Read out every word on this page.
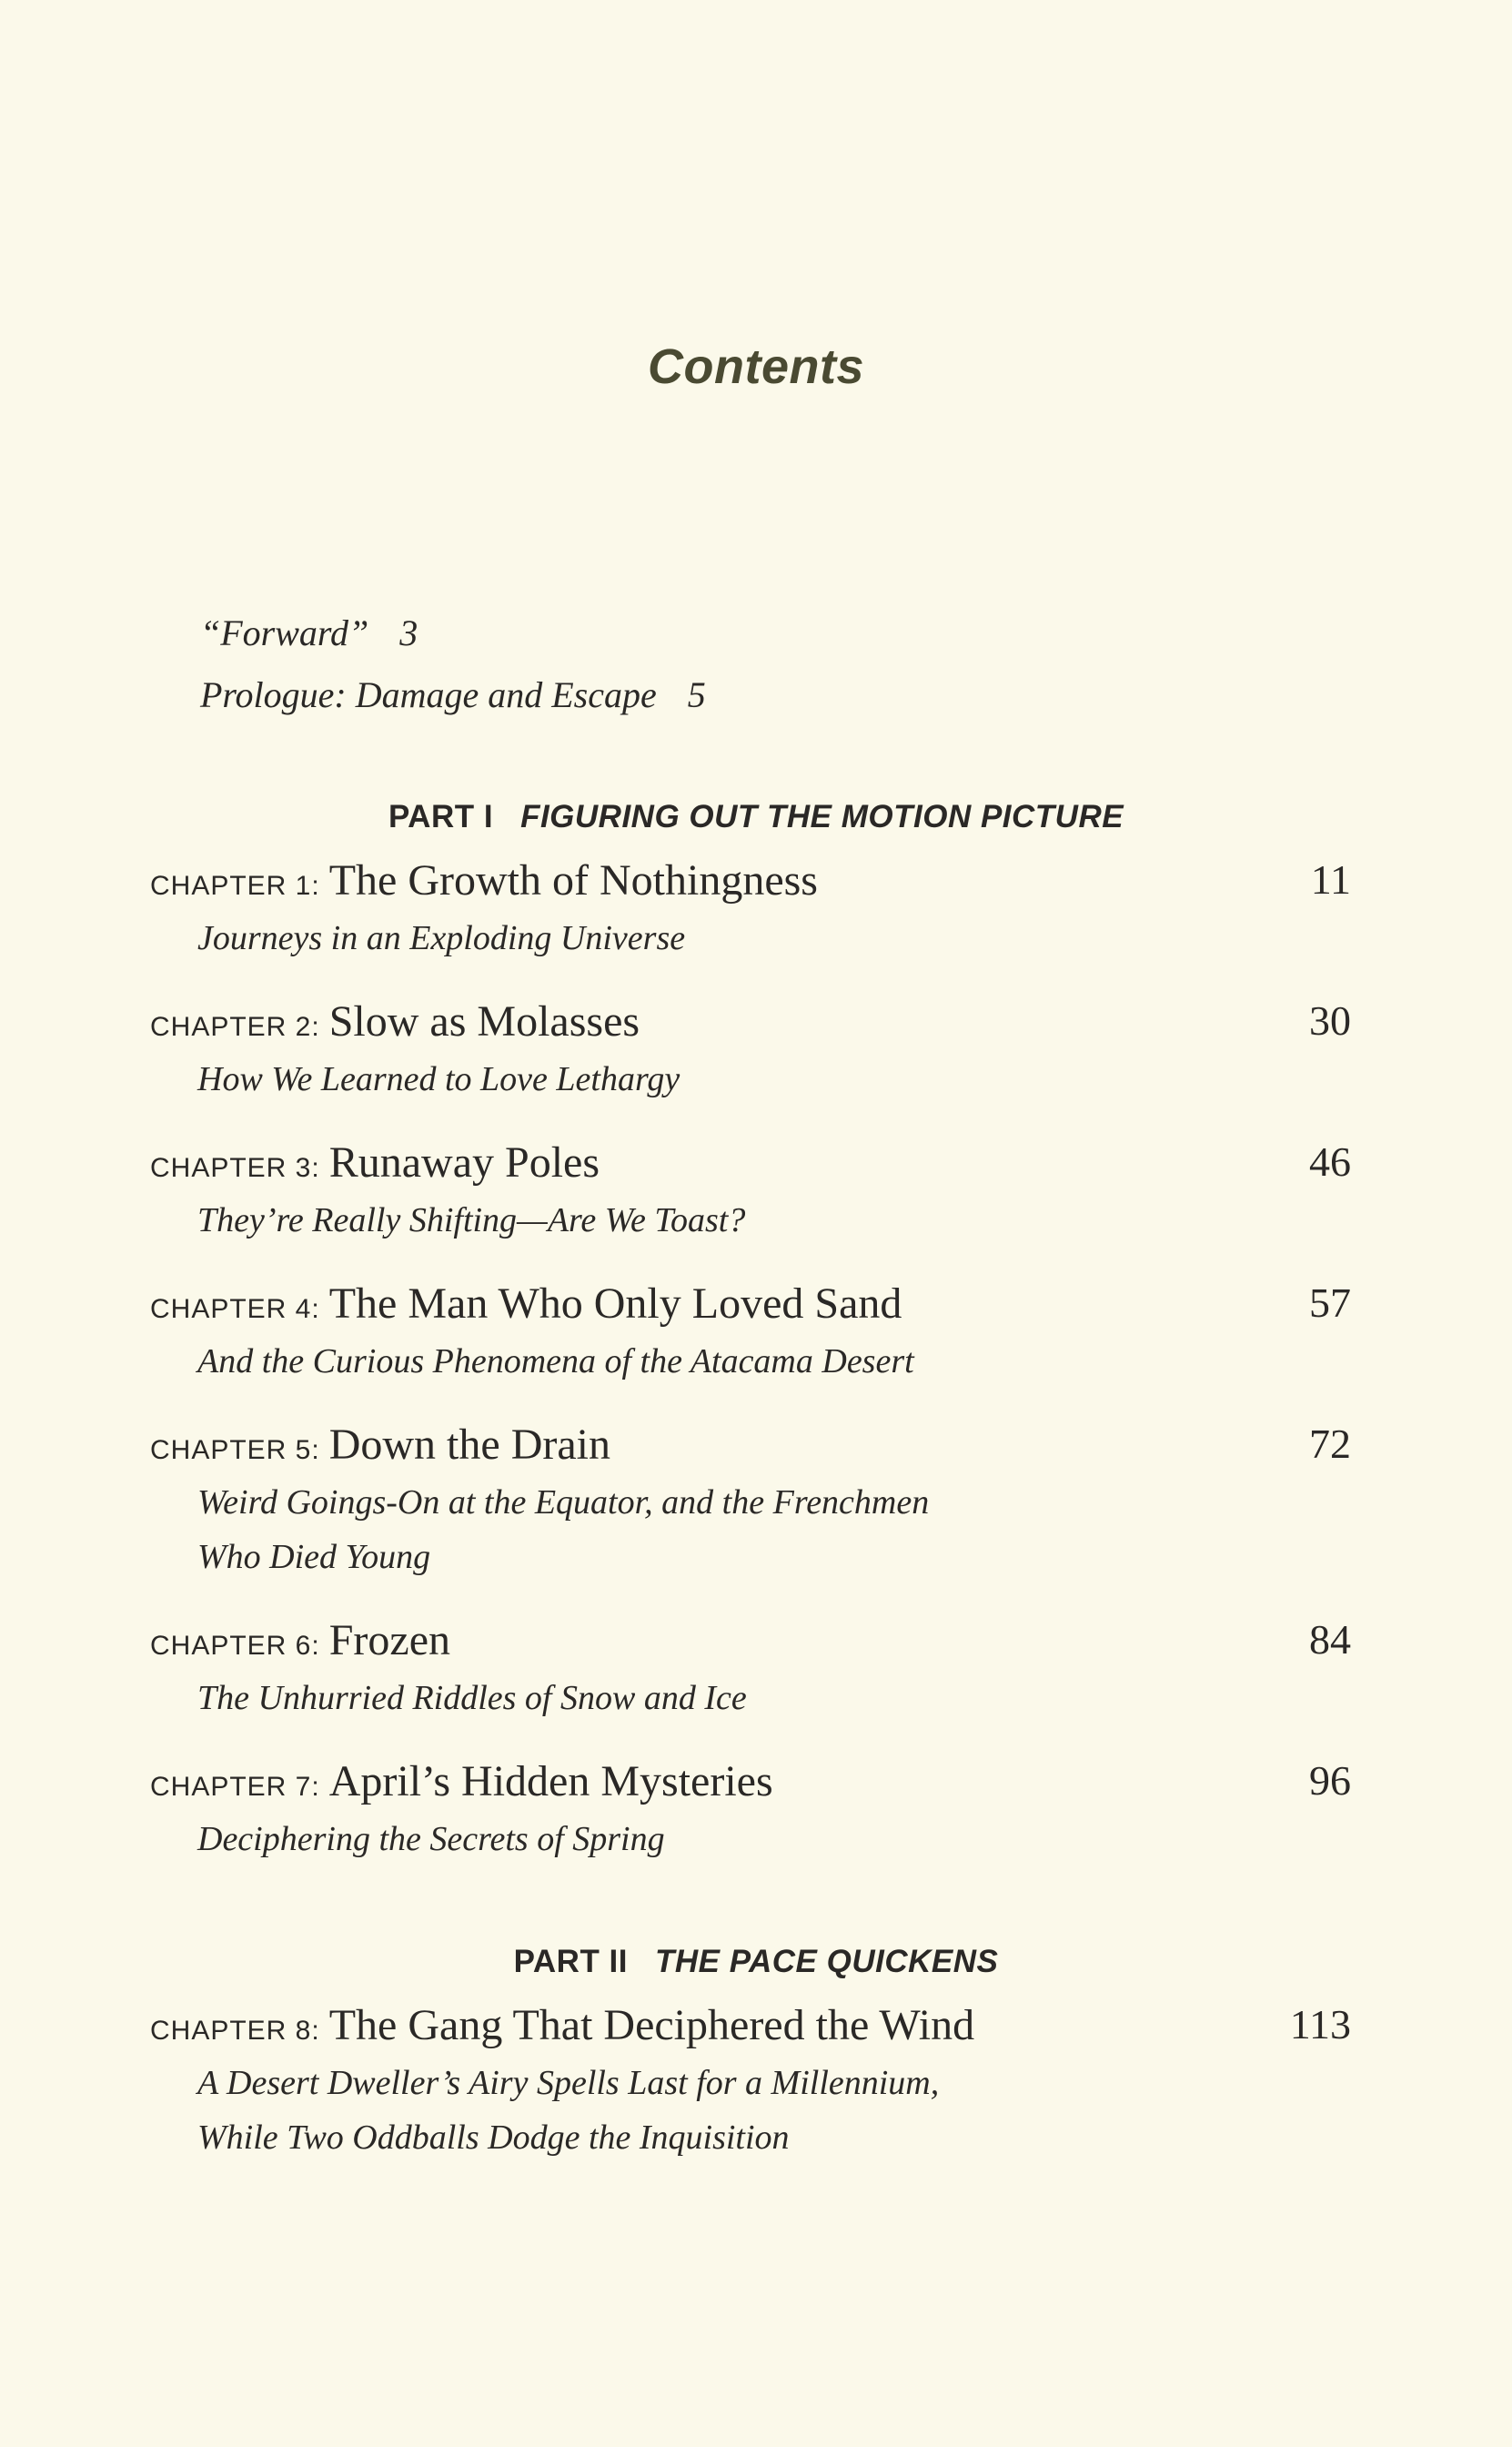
Contents
“Forward” 3
Prologue: Damage and Escape 5
PART I FIGURING OUT THE MOTION PICTURE
CHAPTER 1: The Growth of Nothingness	11
Journeys in an Exploding Universe
CHAPTER 2: Slow as Molasses	30
How We Learned to Love Lethargy
CHAPTER 3: Runaway Poles	46
They’re Really Shifting—Are We Toast?
CHAPTER 4: The Man Who Only Loved Sand	57
And the Curious Phenomena of the Atacama Desert
CHAPTER 5: Down the Drain	72
Weird Goings-On at the Equator, and the Frenchmen
Who Died Young
CHAPTER 6: Frozen	84
The Unhurried Riddles of Snow and Ice
CHAPTER 7: April’s Hidden Mysteries	96
Deciphering the Secrets of Spring
PART II THE PACE QUICKENS
CHAPTER 8: The Gang That Deciphered the Wind	113
A Desert Dweller’s Airy Spells Last for a Millennium,
While Two Oddballs Dodge the Inquisition
